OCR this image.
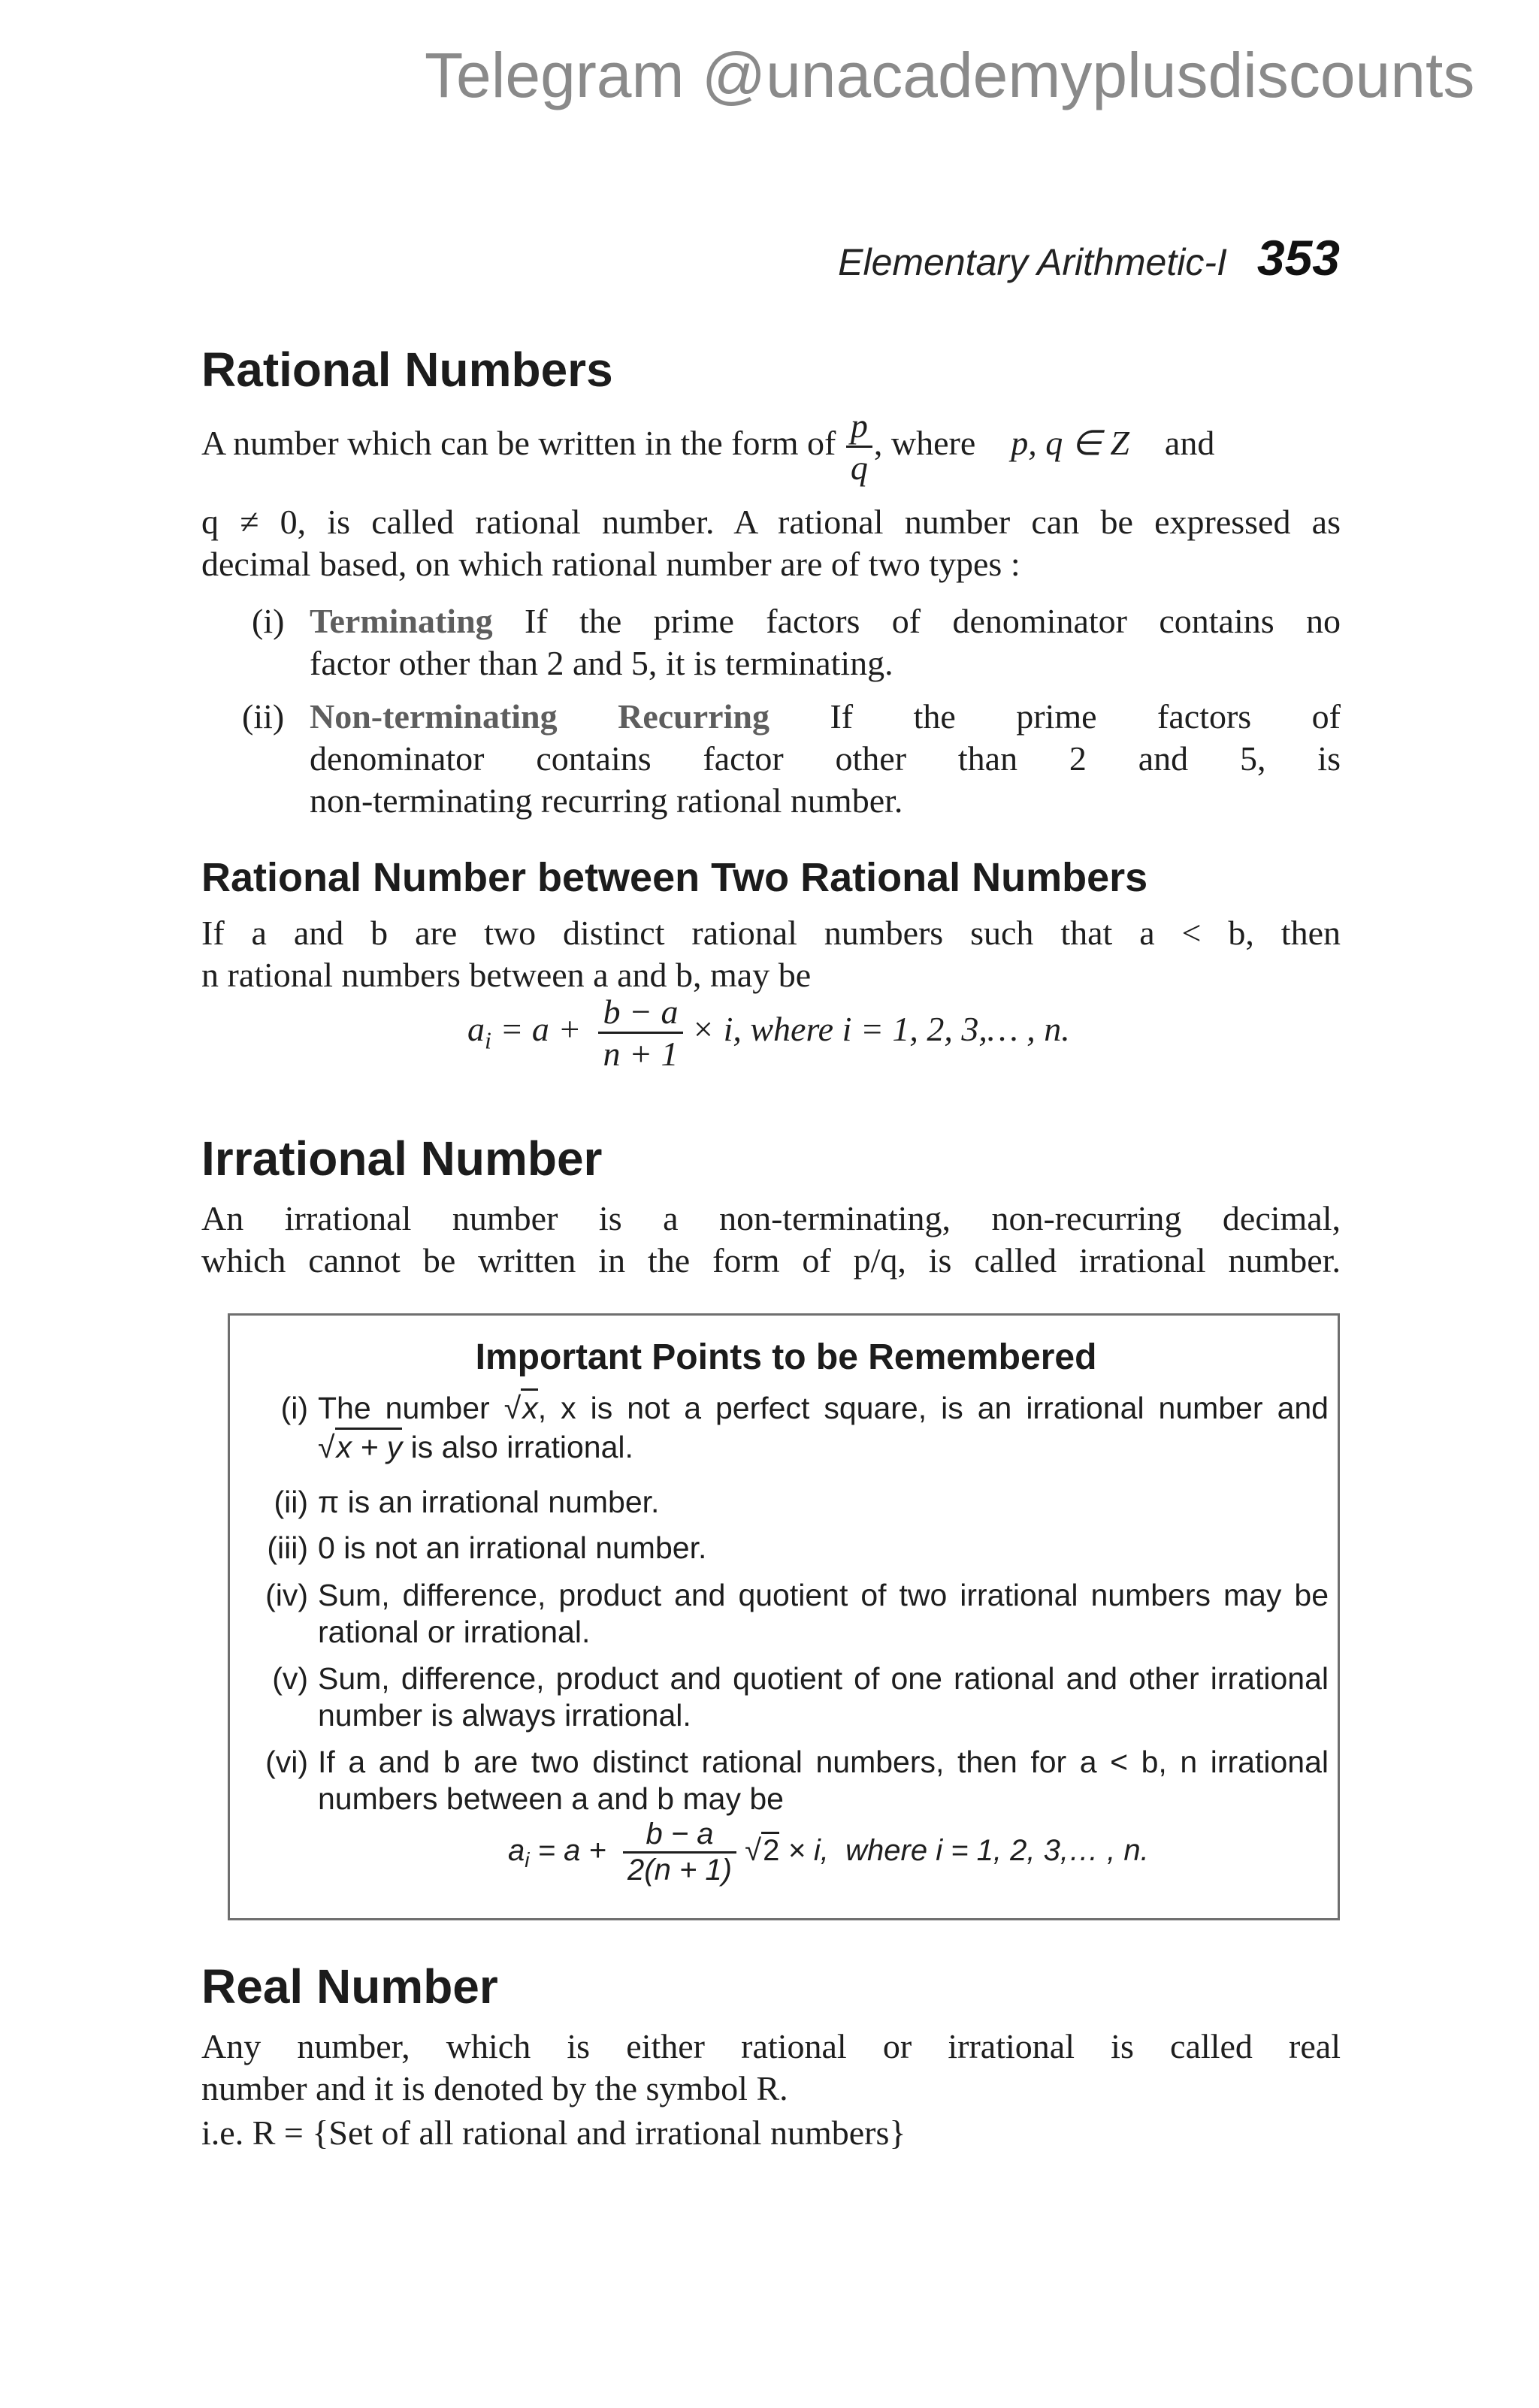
Telegram @unacademyplusdiscounts
Elementary Arithmetic-I 353
Rational Numbers
A number which can be written in the form of $\frac{p}{q}$ , where p, q ∈ Z and
q ≠ 0, is called rational number. A rational number can be expressed as
decimal based, on which rational number are of two types :
(i) Terminating If the prime factors of denominator contains no
factor other than 2 and 5, it is terminating.
(ii) Non-terminating Recurring If the prime factors of
denominator contains factor other than 2 and 5, is
non-terminating recurring rational number.
Rational Number between Two Rational Numbers
If a and b are two distinct rational numbers such that a < b, then
n rational numbers between a and b, may be
$a_i = a + \frac{b - a}{n + 1} \times i$, where i = 1, 2, 3,… , n.
Irrational Number
An irrational number is a non-terminating, non-recurring decimal,
which cannot be written in the form of p/q, is called irrational number.
Important Points to be Remembered
(i) The number √x, x is not a perfect square, is an irrational number and
√x + y is also irrational.
(ii) π is an irrational number.
(iii) 0 is not an irrational number.
(iv) Sum, difference, product and quotient of two irrational numbers may be
rational or irrational.
(v) Sum, difference, product and quotient of one rational and other irrational
number is always irrational.
(vi) If a and b are two distinct rational numbers, then for a < b, n irrational
numbers between a and b may be
$a_i = a + \frac{b - a}{2(n + 1)} √2 \times i$,  where i = 1, 2, 3,… , n.
Real Number
Any number, which is either rational or irrational is called real
number and it is denoted by the symbol R.
i.e. R = {Set of all rational and irrational numbers}
